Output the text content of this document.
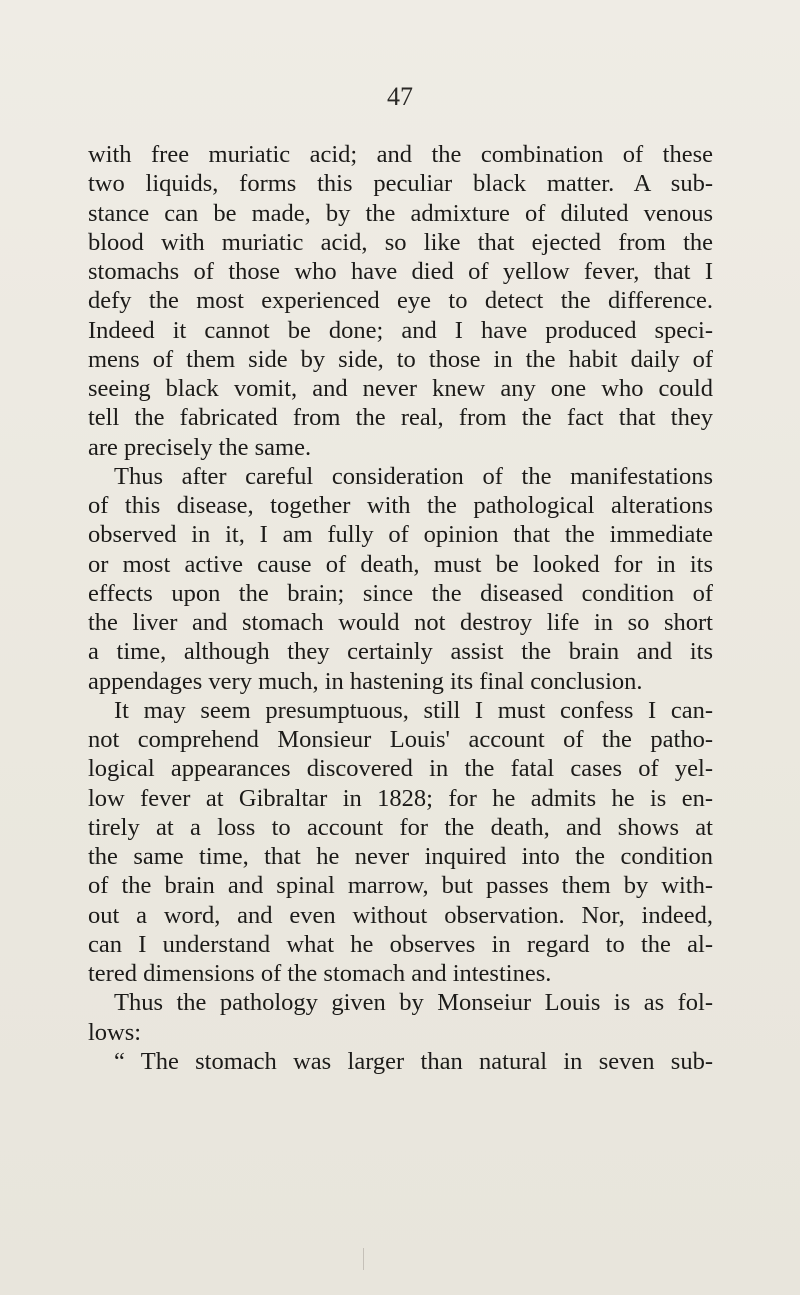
47
with free muriatic acid; and the combination of these
two liquids, forms this peculiar black matter. A sub-
stance can be made, by the admixture of diluted venous
blood with muriatic acid, so like that ejected from the
stomachs of those who have died of yellow fever, that I
defy the most experienced eye to detect the difference.
Indeed it cannot be done; and I have produced speci-
mens of them side by side, to those in the habit daily of
seeing black vomit, and never knew any one who could
tell the fabricated from the real, from the fact that they
are precisely the same.
Thus after careful consideration of the manifestations
of this disease, together with the pathological alterations
observed in it, I am fully of opinion that the immediate
or most active cause of death, must be looked for in its
effects upon the brain; since the diseased condition of
the liver and stomach would not destroy life in so short
a time, although they certainly assist the brain and its
appendages very much, in hastening its final conclusion.
It may seem presumptuous, still I must confess I can-
not comprehend Monsieur Louis' account of the patho-
logical appearances discovered in the fatal cases of yel-
low fever at Gibraltar in 1828; for he admits he is en-
tirely at a loss to account for the death, and shows at
the same time, that he never inquired into the condition
of the brain and spinal marrow, but passes them by with-
out a word, and even without observation. Nor, indeed,
can I understand what he observes in regard to the al-
tered dimensions of the stomach and intestines.
Thus the pathology given by Monseiur Louis is as fol-
lows:
“ The stomach was larger than natural in seven sub-
